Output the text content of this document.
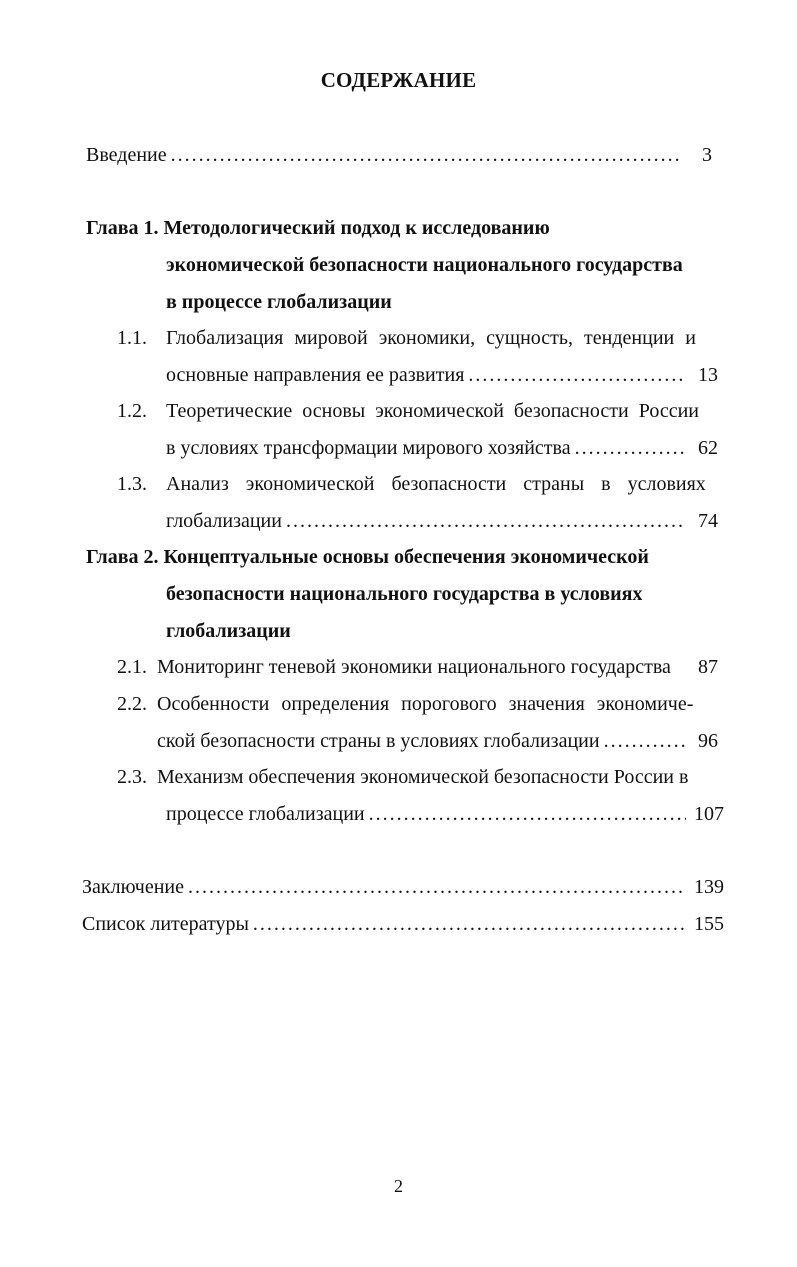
СОДЕРЖАНИЕ
Введение . . .	3
Глава 1. Методологический подход к исследованию
экономической безопасности национального государства
в процессе глобализации
1.1. Глобализация мировой экономики, сущность, тенденции и
основные направления ее развития . . .	13
1.2. Теоретические основы экономической безопасности России
в условиях трансформации мирового хозяйства . . .	62
1.3. Анализ экономической безопасности страны в условиях
глобализации . . .	74
Глава 2. Концептуальные основы обеспечения экономической
безопасности национального государства в условиях
глобализации
2.1. Мониторинг теневой экономики национального государства 87
2.2. Особенности определения порогового значения экономиче-
ской безопасности страны в условиях глобализации . . .	96
2.3. Механизм обеспечения экономической безопасности России в
процессе глобализации . . .	107
Заключение . . .	139
Список литературы . . .	155
2
